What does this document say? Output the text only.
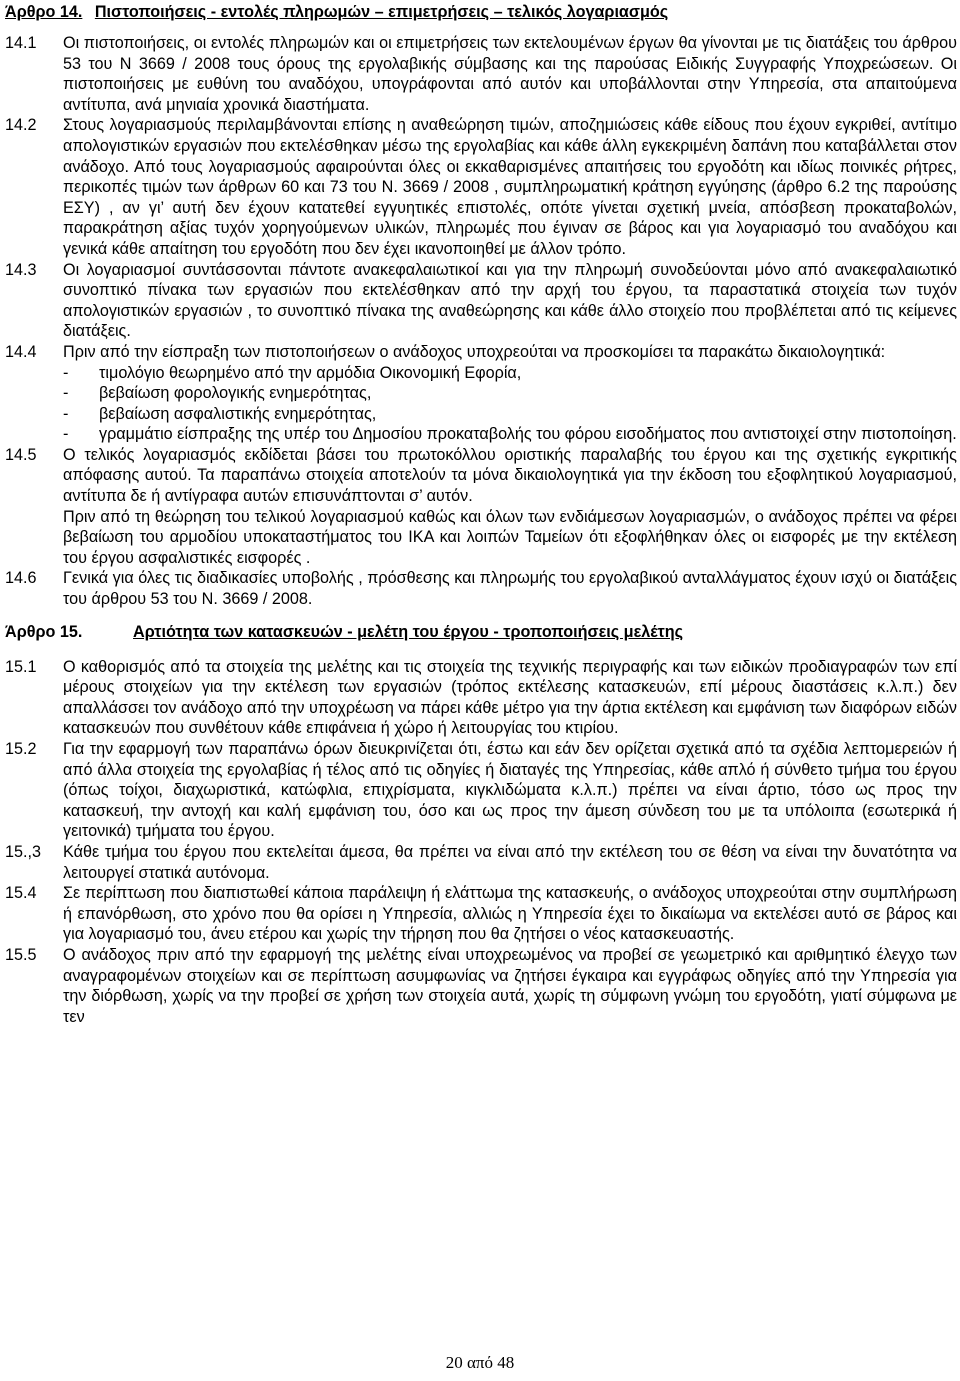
Άρθρο 14. Πιστοποιήσεις - εντολές πληρωμών – επιμετρήσεις – τελικός λογαριασμός
14.1 Οι πιστοποιήσεις, οι εντολές πληρωμών και οι επιμετρήσεις των εκτελουμένων έργων θα γίνονται με τις διατάξεις του άρθρου 53 του Ν 3669 / 2008 τους όρους της εργολαβικής σύμβασης και της παρούσας Ειδικής Συγγραφής Υποχρεώσεων. Οι πιστοποιήσεις με ευθύνη του αναδόχου, υπογράφονται από αυτόν και υποβάλλονται στην Υπηρεσία, στα απαιτούμενα αντίτυπα, ανά μηνιαία χρονικά διαστήματα.

14.2 Στους λογαριασμούς περιλαμβάνονται επίσης η αναθεώρηση τιμών, αποζημιώσεις κάθε είδους που έχουν εγκριθεί, αντίτιμο απολογιστικών εργασιών που εκτελέσθηκαν μέσω της εργολαβίας και κάθε άλλη εγκεκριμένη δαπάνη που καταβάλλεται στον ανάδοχο. Από τους λογαριασμούς αφαιρούνται όλες οι εκκαθαρισμένες απαιτήσεις του εργοδότη και ιδίως ποινικές ρήτρες, περικοπές τιμών των άρθρων 60 και 73 του Ν. 3669 / 2008 , συμπληρωματική κράτηση εγγύησης (άρθρο 6.2 της παρούσης ΕΣΥ) , αν γι’ αυτή δεν έχουν κατατεθεί εγγυητικές επιστολές, οπότε γίνεται σχετική μνεία, απόσβεση προκαταβολών, παρακράτηση αξίας τυχόν χορηγούμενων υλικών, πληρωμές που έγιναν σε βάρος και για λογαριασμό του αναδόχου και γενικά κάθε απαίτηση του εργοδότη που δεν έχει ικανοποιηθεί με άλλον τρόπο.

14.3 Οι λογαριασμοί συντάσσονται πάντοτε ανακεφαλαιωτικοί και για την πληρωμή συνοδεύονται μόνο από ανακεφαλαιωτικό συνοπτικό πίνακα των εργασιών που εκτελέσθηκαν από την αρχή του έργου, τα παραστατικά στοιχεία των τυχόν απολογιστικών εργασιών , το συνοπτικό πίνακα της αναθεώρησης και κάθε άλλο στοιχείο που προβλέπεται από τις κείμενες διατάξεις.

14.4 Πριν από την είσπραξη των πιστοποιήσεων ο ανάδοχος υποχρεούται να προσκομίσει τα παρακάτω δικαιολογητικά:

- τιμολόγιο θεωρημένο από την αρμόδια Οικονομική Εφορία,
- βεβαίωση φορολογικής ενημερότητας,
- βεβαίωση ασφαλιστικής ενημερότητας,
- γραμμάτιο είσπραξης της υπέρ του Δημοσίου προκαταβολής του φόρου εισοδήματος που αντιστοιχεί στην πιστοποίηση.
14.5 Ο τελικός λογαριασμός εκδίδεται βάσει του πρωτοκόλλου οριστικής παραλαβής του έργου και της σχετικής εγκριτικής απόφασης αυτού. Τα παραπάνω στοιχεία αποτελούν τα μόνα δικαιολογητικά για την έκδοση του εξοφλητικού λογαριασμού, αντίτυπα δε ή αντίγραφα αυτών επισυνάπτονται σ’ αυτόν.

Πριν από τη θεώρηση του τελικού λογαριασμού καθώς και όλων των ενδιάμεσων λογαριασμών, ο ανάδοχος πρέπει να φέρει βεβαίωση του αρμοδίου υποκαταστήματος του ΙΚΑ και λοιπών Ταμείων ότι εξοφλήθηκαν όλες οι εισφορές με την εκτέλεση του έργου ασφαλιστικές εισφορές .

14.6 Γενικά για όλες τις διαδικασίες υποβολής , πρόσθεσης και πληρωμής του εργολαβικού ανταλλάγματος έχουν ισχύ οι διατάξεις του άρθρου 53 του Ν. 3669 / 2008.

Άρθρο 15.	Αρτιότητα των κατασκευών - μελέτη του έργου - τροποποιήσεις μελέτης
15.1 Ο καθορισμός από τα στοιχεία της μελέτης και τις στοιχεία της τεχνικής περιγραφής και των ειδικών προδιαγραφών των επί μέρους στοιχείων για την εκτέλεση των εργασιών (τρόπος εκτέλεσης κατασκευών, επί μέρους διαστάσεις κ.λ.π.) δεν απαλλάσσει τον ανάδοχο από την υποχρέωση να πάρει κάθε μέτρο για την άρτια εκτέλεση και εμφάνιση των διαφόρων ειδών κατασκευών που συνθέτουν κάθε επιφάνεια ή χώρο ή λειτουργίας του κτιρίου.

15.2 Για την εφαρμογή των παραπάνω όρων διευκρινίζεται ότι, έστω και εάν δεν ορίζεται σχετικά από τα σχέδια λεπτομερειών ή από άλλα στοιχεία της εργολαβίας ή τέλος από τις οδηγίες ή διαταγές της Υπηρεσίας, κάθε απλό ή σύνθετο τμήμα του έργου (όπως τοίχοι, διαχωριστικά, κατώφλια, επιχρίσματα, κιγκλιδώματα κ.λ.π.) πρέπει να είναι άρτιο, τόσο ως προς την κατασκευή, την αντοχή και καλή εμφάνιση του, όσο και ως προς την άμεση σύνδεση του με τα υπόλοιπα (εσωτερικά ή γειτονικά) τμήματα του έργου.

15.,3 Κάθε τμήμα του έργου που εκτελείται άμεσα, θα πρέπει να είναι από την εκτέλεση του σε θέση να είναι την δυνατότητα να λειτουργεί στατικά αυτόνομα.

15.4 Σε περίπτωση που διαπιστωθεί κάποια παράλειψη ή ελάττωμα της κατασκευής, ο ανάδοχος υποχρεούται στην συμπλήρωση ή επανόρθωση, στο χρόνο που θα ορίσει η Υπηρεσία, αλλιώς η Υπηρεσία έχει το δικαίωμα να εκτελέσει αυτό σε βάρος και για λογαριασμό του, άνευ ετέρου και χωρίς την τήρηση που θα ζητήσει ο νέος κατασκευαστής.

15.5 Ο ανάδοχος πριν από την εφαρμογή της μελέτης είναι υποχρεωμένος να προβεί σε γεωμετρικό και αριθμητικό έλεγχο των αναγραφομένων στοιχείων και σε περίπτωση ασυμφωνίας να ζητήσει έγκαιρα και εγγράφως οδηγίες από την Υπηρεσία για την διόρθωση, χωρίς να την προβεί σε χρήση των στοιχεία αυτά, χωρίς τη σύμφωνη γνώμη του εργοδότη, γιατί σύμφωνα με τεν

20 από 48
